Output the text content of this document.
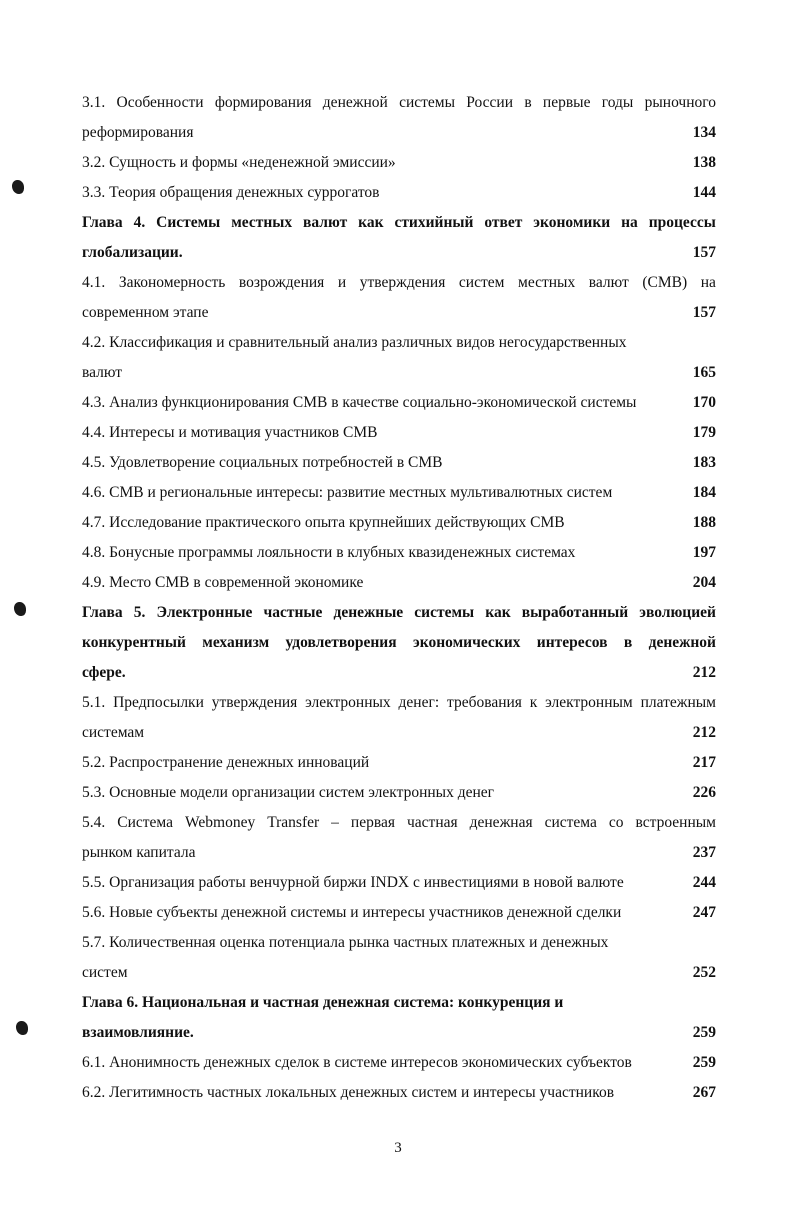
3.1. Особенности формирования денежной системы России в первые годы рыночного
реформирования	134
3.2. Сущность и формы «неденежной эмиссии»	138
3.3. Теория обращения денежных суррогатов	144
Глава 4. Системы местных валют как стихийный ответ экономики на процессы
глобализации.	157
4.1. Закономерность возрождения и утверждения систем местных валют (СМВ) на
современном этапе	157
4.2. Классификация и сравнительный анализ различных видов негосударственных
валют	165
4.3. Анализ функционирования СМВ в качестве социально-экономической системы	170
4.4. Интересы и мотивация участников СМВ	179
4.5. Удовлетворение социальных потребностей в СМВ	183
4.6. СМВ и региональные интересы: развитие местных мультивалютных систем	184
4.7. Исследование практического опыта крупнейших действующих СМВ	188
4.8. Бонусные программы лояльности в клубных квазиденежных системах	197
4.9. Место СМВ в современной экономике	204
Глава 5. Электронные частные денежные системы как выработанный эволюцией
конкурентный механизм удовлетворения экономических интересов в денежной
сфере.	212
5.1. Предпосылки утверждения электронных денег: требования к электронным платежным
системам	212
5.2. Распространение денежных инноваций	217
5.3. Основные модели организации систем электронных денег	226
5.4. Система Webmoney Transfer – первая частная денежная система со встроенным
рынком капитала	237
5.5. Организация работы венчурной биржи INDX с инвестициями в новой валюте	244
5.6. Новые субъекты денежной системы и интересы участников денежной сделки	247
5.7. Количественная оценка потенциала рынка частных платежных и денежных
систем	252
Глава 6. Национальная и частная денежная система: конкуренция и
взаимовлияние.	259
6.1. Анонимность денежных сделок в системе интересов экономических субъектов	259
6.2. Легитимность частных локальных денежных систем и интересы участников	267
3
